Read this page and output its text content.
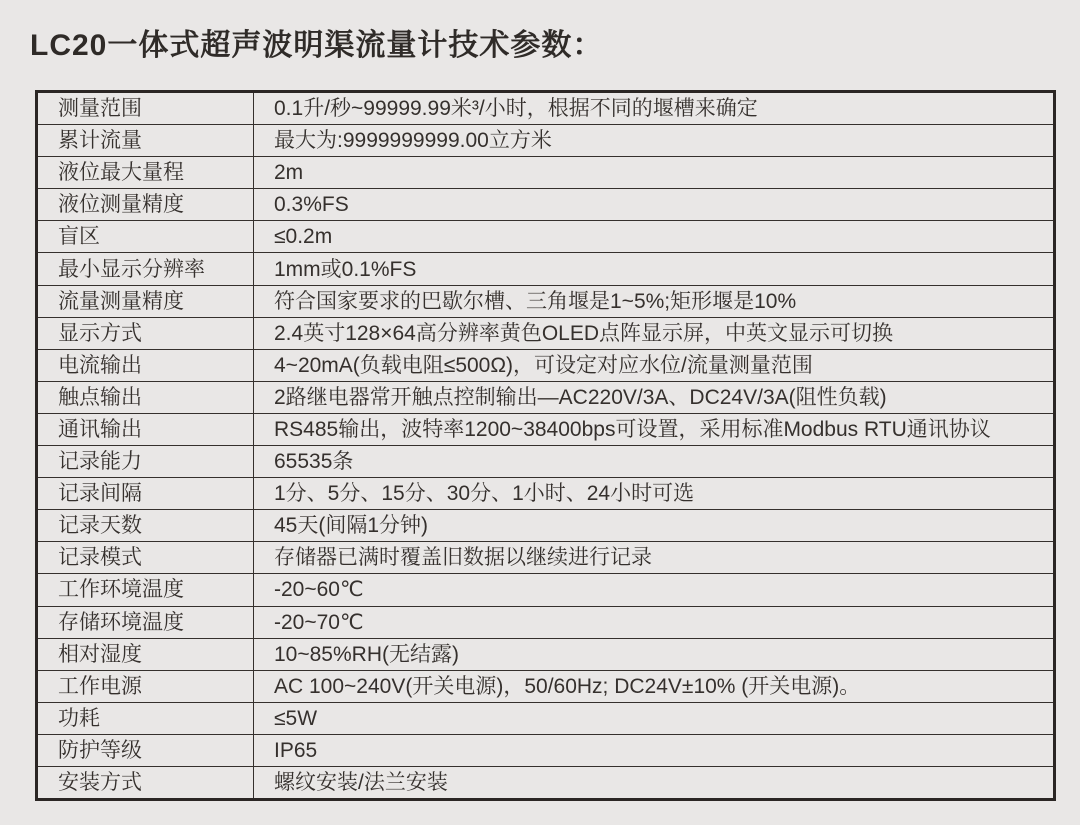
LC20一体式超声波明渠流量计技术参数：
测量范围	0.1升/秒~99999.99米³/小时，根据不同的堰槽来确定
累计流量	最大为:9999999999.00立方米
液位最大量程	2m
液位测量精度	0.3%FS
盲区	≤0.2m
最小显示分辨率	1mm或0.1%FS
流量测量精度	符合国家要求的巴歇尔槽、三角堰是1~5%;矩形堰是10%
显示方式	2.4英寸128×64高分辨率黄色OLED点阵显示屏，中英文显示可切换
电流输出	4~20mA(负载电阻≤500Ω)，可设定对应水位/流量测量范围
触点输出	2路继电器常开触点控制输出—AC220V/3A、DC24V/3A(阻性负载)
通讯输出	RS485输出，波特率1200~38400bps可设置，采用标准Modbus RTU通讯协议
记录能力	65535条
记录间隔	1分、5分、15分、30分、1小时、24小时可选
记录天数	45天(间隔1分钟)
记录模式	存储器已满时覆盖旧数据以继续进行记录
工作环境温度	-20~60℃
存储环境温度	-20~70℃
相对湿度	10~85%RH(无结露)
工作电源	AC 100~240V(开关电源)，50/60Hz; DC24V±10% (开关电源)。
功耗	≤5W
防护等级	IP65
安装方式	螺纹安装/法兰安装
